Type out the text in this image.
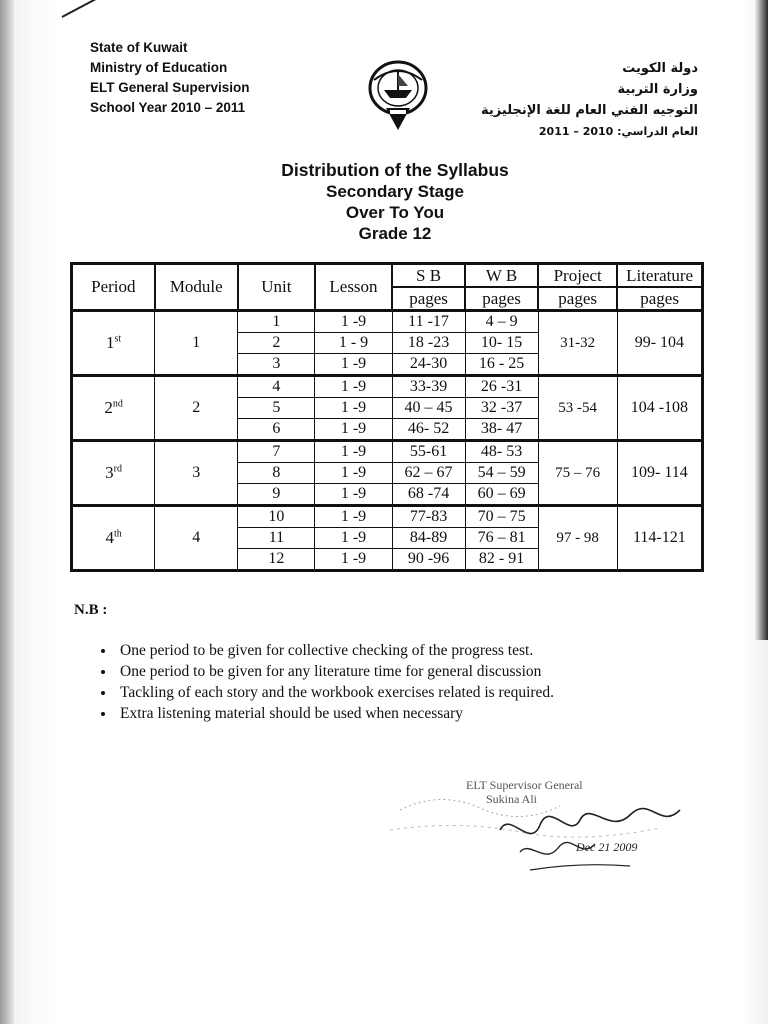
State of Kuwait
Ministry of Education
ELT General Supervision
School Year 2010 – 2011
دولة الكويت
وزارة التربية
التوجيه الفني العام للغة الإنجليزية
العام الدراسي: 2010 – 2011
Distribution of the Syllabus
Secondary Stage
Over To You
Grade 12
Period	Module	Unit	Lesson	S B	W B	Project	Literature
				pages	pages	pages	pages
1st	1	1	1 -9	11 -17	4 – 9	31-32	99- 104
		2	1 - 9	18 -23	10- 15		
		3	1 -9	24-30	16 - 25		
2nd	2	4	1 -9	33-39	26 -31	53 -54	104 -108
		5	1 -9	40 – 45	32 -37		
		6	1 -9	46- 52	38- 47		
3rd	3	7	1 -9	55-61	48- 53	75 – 76	109- 114
		8	1 -9	62 – 67	54 – 59		
		9	1 -9	68 -74	60 – 69		
4th	4	10	1 -9	77-83	70 – 75	97 - 98	114-121
		11	1 -9	84-89	76 – 81		
		12	1 -9	90 -96	82 - 91		
N.B :
• One period to be given for collective checking of the progress test.
• One period to be given for any literature time for general discussion
• Tackling of each story and the workbook exercises related is required.
• Extra listening material should be used when necessary
ELT Supervisor General
Sukina Ali
Dec 21 2009
